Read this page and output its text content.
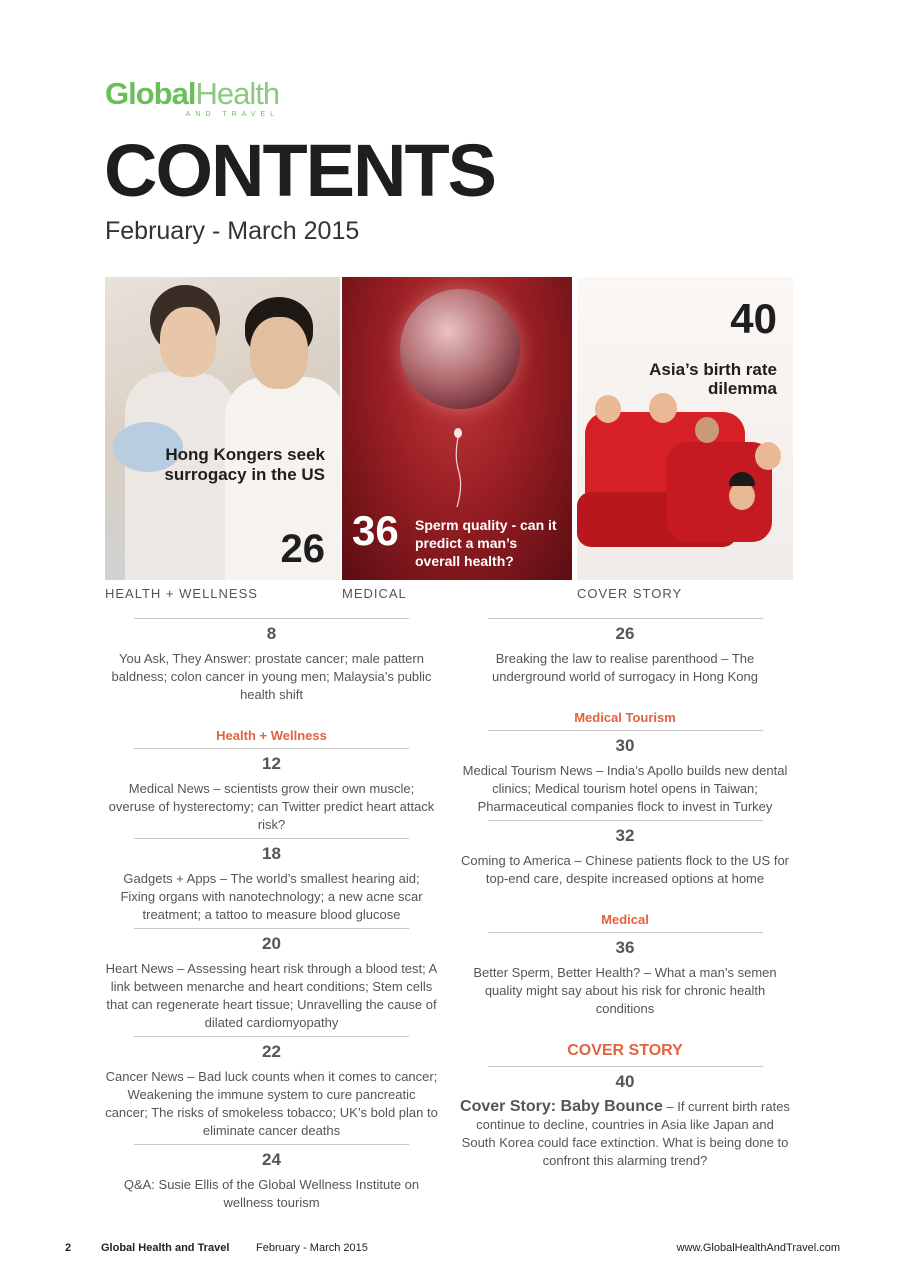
GlobalHealth
AND TRAVEL
CONTENTS
February - March 2015
Hong Kongers seek surrogacy in the US
26 36 Sperm quality - can it predict a man’s overall health?
40
Asia’s birth rate dilemma
HEALTH + WELLNESS	MEDICAL	COVER STORY
8
You Ask, They Answer: prostate cancer; male pattern baldness; colon cancer in young men; Malaysia’s public health shift
Health + Wellness
12
Medical News – scientists grow their own muscle; overuse of hysterectomy; can Twitter predict heart attack risk?
18
Gadgets + Apps – The world’s smallest hearing aid; Fixing organs with nanotechnology; a new acne scar treatment; a tattoo to measure blood glucose
20
Heart News – Assessing heart risk through a blood test; A link between menarche and heart conditions; Stem cells that can regenerate heart tissue; Unravelling the cause of dilated cardiomyopathy
22
Cancer News – Bad luck counts when it comes to cancer; Weakening the immune system to cure pancreatic cancer; The risks of smokeless tobacco; UK’s bold plan to eliminate cancer deaths
24
Q&A: Susie Ellis of the Global Wellness Institute on wellness tourism
26
Breaking the law to realise parenthood – The underground world of surrogacy in Hong Kong
Medical Tourism
30
Medical Tourism News – India’s Apollo builds new dental clinics; Medical tourism hotel opens in Taiwan; Pharmaceutical companies flock to invest in Turkey
32
Coming to America – Chinese patients flock to the US for top-end care, despite increased options at home
Medical
36
Better Sperm, Better Health? – What a man’s semen quality might say about his risk for chronic health conditions
COVER STORY
40
Cover Story: Baby Bounce – If current birth rates continue to decline, countries in Asia like Japan and South Korea could face extinction. What is being done to confront this alarming trend?
2	Global Health and Travel February - March 2015	www.GlobalHealthAndTravel.com
